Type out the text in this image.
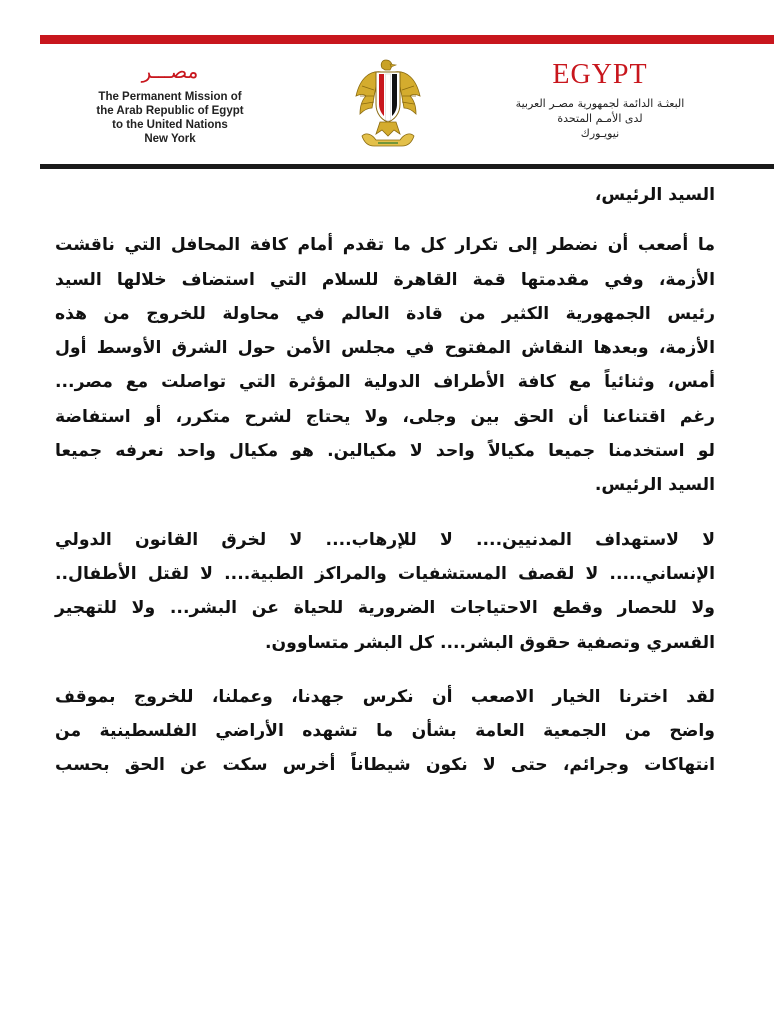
مصـــر
The Permanent Mission of
the Arab Republic of Egypt
to the United Nations
New York
EGYPT
البعثـة الدائمة لجمهورية مصـر العربية
لدى الأمـم المتحدة
نيويـورك
السيد الرئيس،
ما أصعب أن نضطر إلى تكرار كل ما تقدم أمام كافة المحافل التي ناقشت
الأزمة، وفي مقدمتها قمة القاهرة للسلام التي استضاف خلالها السيد
رئيس الجمهورية الكثير من قادة العالم في محاولة للخروج من هذه
الأزمة، وبعدها النقاش المفتوح في مجلس الأمن حول الشرق الأوسط أول
أمس، وثنائياً مع كافة الأطراف الدولية المؤثرة التي تواصلت مع مصر...
رغم اقتناعنا أن الحق بين وجلى، ولا يحتاج لشرح متكرر، أو استفاضة
لو استخدمنا جميعا مكيالاً واحد لا مكيالين. هو مكيال واحد نعرفه جميعا
السيد الرئيس.
لا لاستهداف المدنيين.... لا للإرهاب.... لا لخرق القانون الدولي
الإنساني..... لا لقصف المستشفيات والمراكز الطبية.... لا لقتل الأطفال..
ولا للحصار وقطع الاحتياجات الضرورية للحياة عن البشر... ولا للتهجير
القسري وتصفية حقوق البشر.... كل البشر متساوون.
لقد اخترنا الخيار الاصعب أن نكرس جهدنا، وعملنا، للخروج بموقف
واضح من الجمعية العامة بشأن ما تشهده الأراضي الفلسطينية من
انتهاكات وجرائم، حتى لا نكون شيطاناً أخرس سكت عن الحق بحسب
